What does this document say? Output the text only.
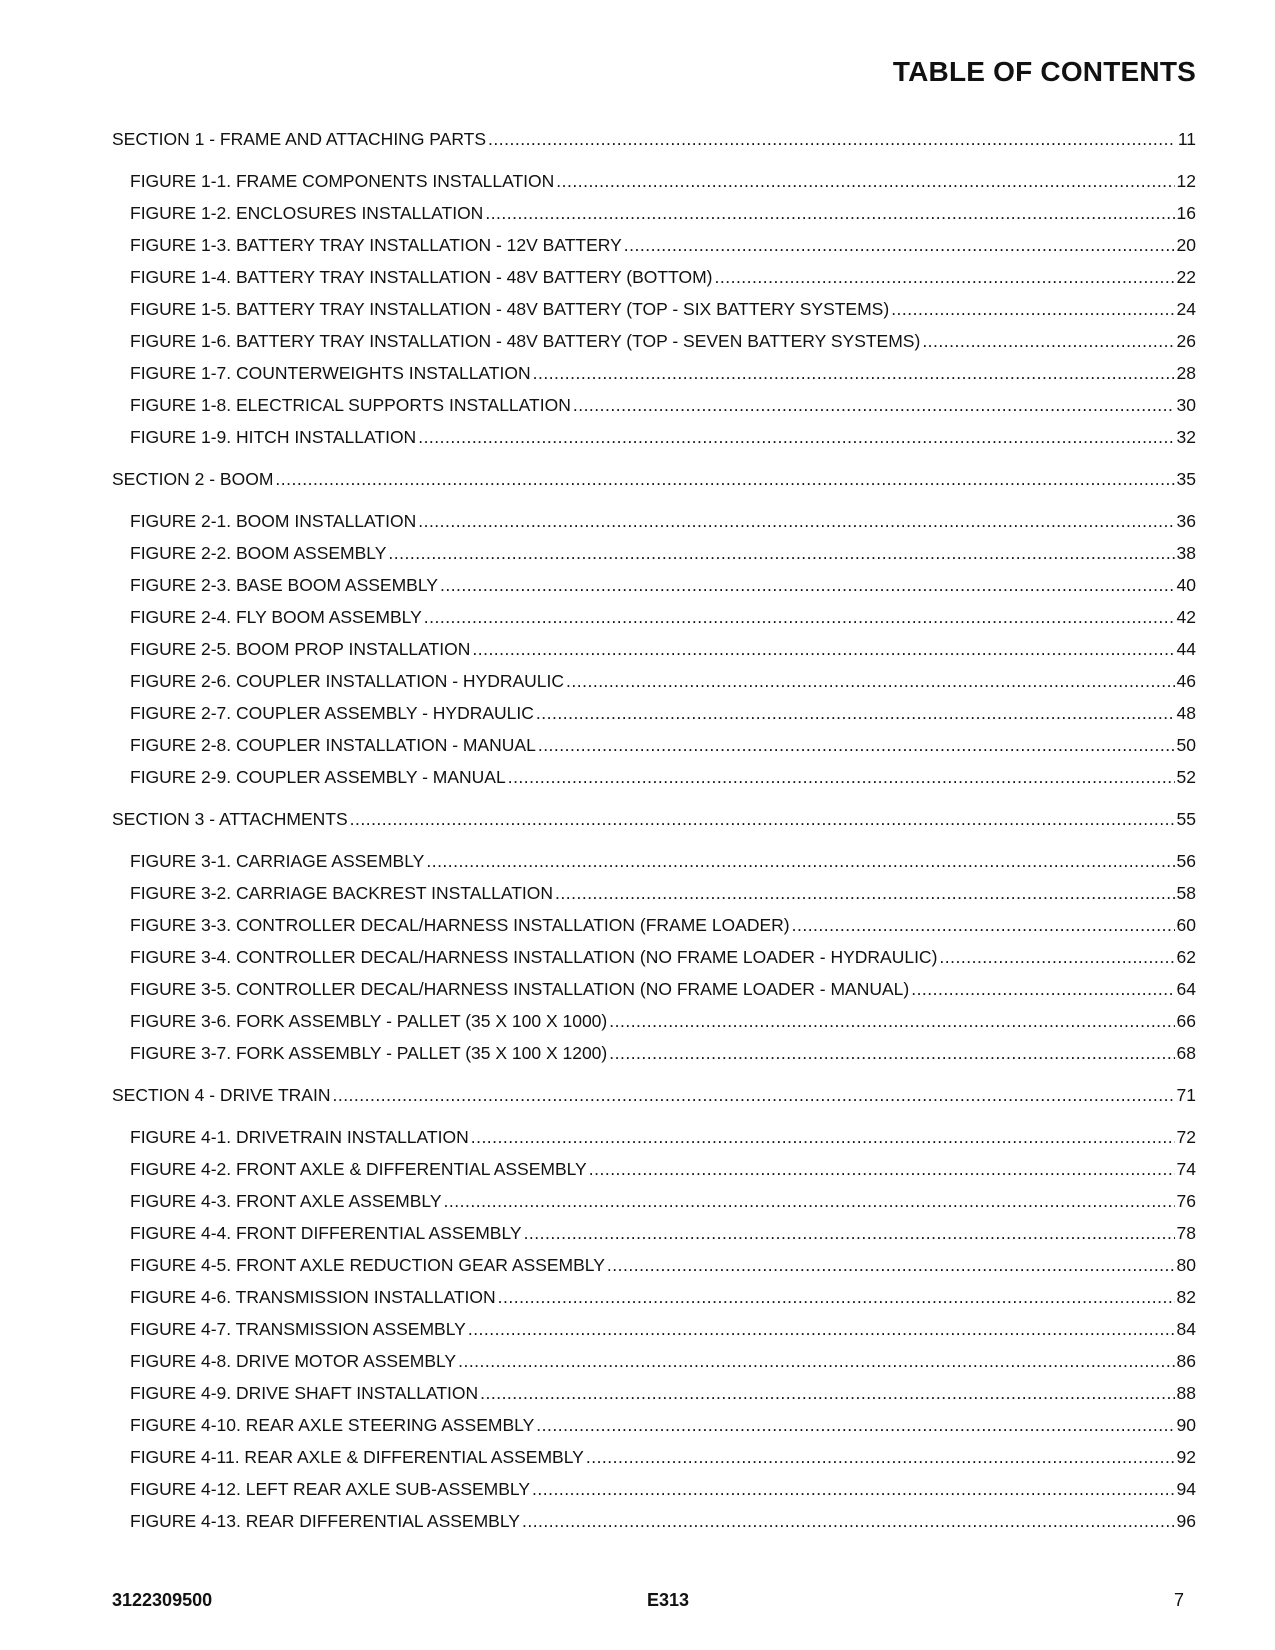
TABLE OF CONTENTS
SECTION 1 - FRAME AND ATTACHING PARTS .....	11
FIGURE 1-1. FRAME COMPONENTS INSTALLATION .....	12
FIGURE 1-2. ENCLOSURES INSTALLATION .....	16
FIGURE 1-3. BATTERY TRAY INSTALLATION - 12V BATTERY .....	20
FIGURE 1-4. BATTERY TRAY INSTALLATION - 48V BATTERY (BOTTOM) .....	22
FIGURE 1-5. BATTERY TRAY INSTALLATION - 48V BATTERY (TOP - SIX BATTERY SYSTEMS) .....	24
FIGURE 1-6. BATTERY TRAY INSTALLATION - 48V BATTERY (TOP - SEVEN BATTERY SYSTEMS) .....	26
FIGURE 1-7. COUNTERWEIGHTS INSTALLATION .....	28
FIGURE 1-8. ELECTRICAL SUPPORTS INSTALLATION .....	30
FIGURE 1-9. HITCH INSTALLATION .....	32
SECTION 2 - BOOM .....	35
FIGURE 2-1. BOOM INSTALLATION .....	36
FIGURE 2-2. BOOM ASSEMBLY .....	38
FIGURE 2-3. BASE BOOM ASSEMBLY .....	40
FIGURE 2-4. FLY BOOM ASSEMBLY .....	42
FIGURE 2-5. BOOM PROP INSTALLATION .....	44
FIGURE 2-6. COUPLER INSTALLATION - HYDRAULIC .....	46
FIGURE 2-7. COUPLER ASSEMBLY - HYDRAULIC .....	48
FIGURE 2-8. COUPLER INSTALLATION - MANUAL .....	50
FIGURE 2-9. COUPLER ASSEMBLY - MANUAL .....	52
SECTION 3 - ATTACHMENTS .....	55
FIGURE 3-1. CARRIAGE ASSEMBLY .....	56
FIGURE 3-2. CARRIAGE BACKREST INSTALLATION .....	58
FIGURE 3-3. CONTROLLER DECAL/HARNESS INSTALLATION (FRAME LOADER) .....	60
FIGURE 3-4. CONTROLLER DECAL/HARNESS INSTALLATION (NO FRAME LOADER - HYDRAULIC) .....	62
FIGURE 3-5. CONTROLLER DECAL/HARNESS INSTALLATION (NO FRAME LOADER - MANUAL) .....	64
FIGURE 3-6. FORK ASSEMBLY - PALLET (35 X 100 X 1000) .....	66
FIGURE 3-7. FORK ASSEMBLY - PALLET (35 X 100 X 1200) .....	68
SECTION 4 - DRIVE TRAIN .....	71
FIGURE 4-1. DRIVETRAIN INSTALLATION .....	72
FIGURE 4-2. FRONT AXLE & DIFFERENTIAL ASSEMBLY .....	74
FIGURE 4-3. FRONT AXLE ASSEMBLY .....	76
FIGURE 4-4. FRONT DIFFERENTIAL ASSEMBLY .....	78
FIGURE 4-5. FRONT AXLE REDUCTION GEAR ASSEMBLY .....	80
FIGURE 4-6. TRANSMISSION INSTALLATION .....	82
FIGURE 4-7. TRANSMISSION ASSEMBLY .....	84
FIGURE 4-8. DRIVE MOTOR ASSEMBLY .....	86
FIGURE 4-9. DRIVE SHAFT INSTALLATION .....	88
FIGURE 4-10. REAR AXLE STEERING ASSEMBLY .....	90
FIGURE 4-11. REAR AXLE & DIFFERENTIAL ASSEMBLY .....	92
FIGURE 4-12. LEFT REAR AXLE SUB-ASSEMBLY .....	94
FIGURE 4-13. REAR DIFFERENTIAL ASSEMBLY .....	96
3122309500	E313	7
